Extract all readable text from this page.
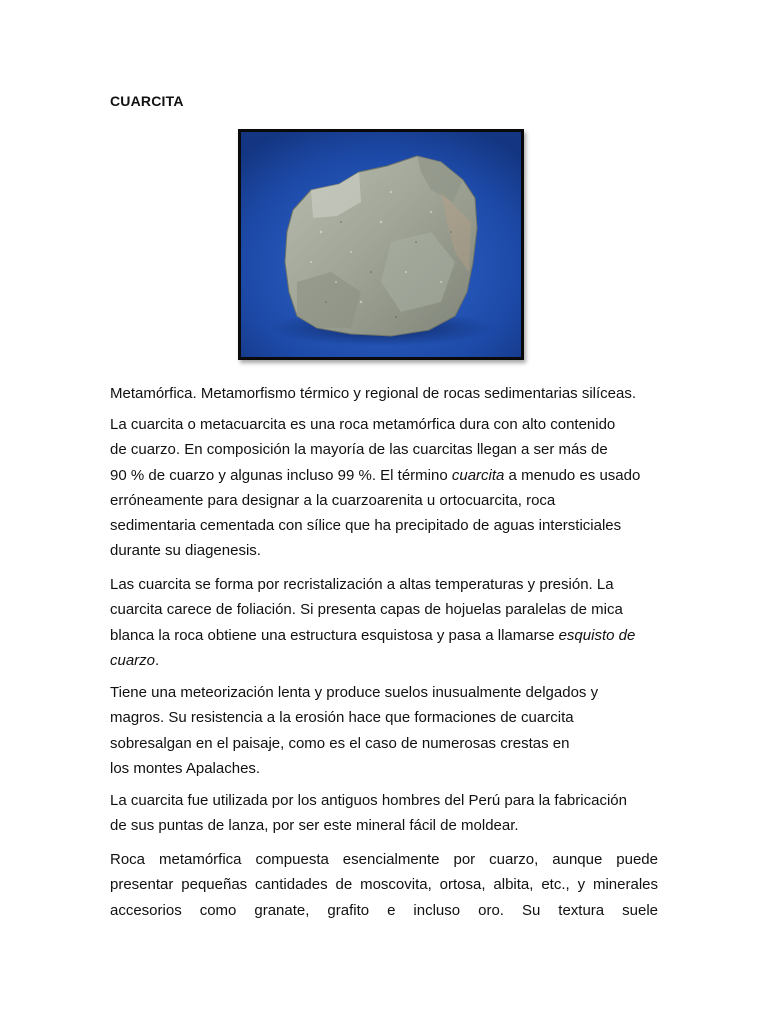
CUARCITA

Metamórfica. Metamorfismo térmico y regional de rocas sedimentarias silíceas.

La cuarcita o metacuarcita es una roca metamórfica dura con alto contenido
de cuarzo. En composición la mayoría de las cuarcitas llegan a ser más de
90 % de cuarzo y algunas incluso 99 %. El término cuarcita a menudo es usado
erróneamente para designar a la cuarzoarenita u ortocuarcita, roca
sedimentaria cementada con sílice que ha precipitado de aguas intersticiales
durante su diagenesis.

Las cuarcita se forma por recristalización a altas temperaturas y presión. La
cuarcita carece de foliación. Si presenta capas de hojuelas paralelas de mica
blanca la roca obtiene una estructura esquistosa y pasa a llamarse esquisto de
cuarzo.

Tiene una meteorización lenta y produce suelos inusualmente delgados y
magros. Su resistencia a la erosión hace que formaciones de cuarcita
sobresalgan en el paisaje, como es el caso de numerosas crestas en
los montes Apalaches.

La cuarcita fue utilizada por los antiguos hombres del Perú para la fabricación
de sus puntas de lanza, por ser este mineral fácil de moldear.

Roca metamórfica compuesta esencialmente por cuarzo, aunque puede
presentar pequeñas cantidades de moscovita, ortosa, albita, etc., y minerales
accesorios como granate, grafito e incluso oro. Su textura suele
